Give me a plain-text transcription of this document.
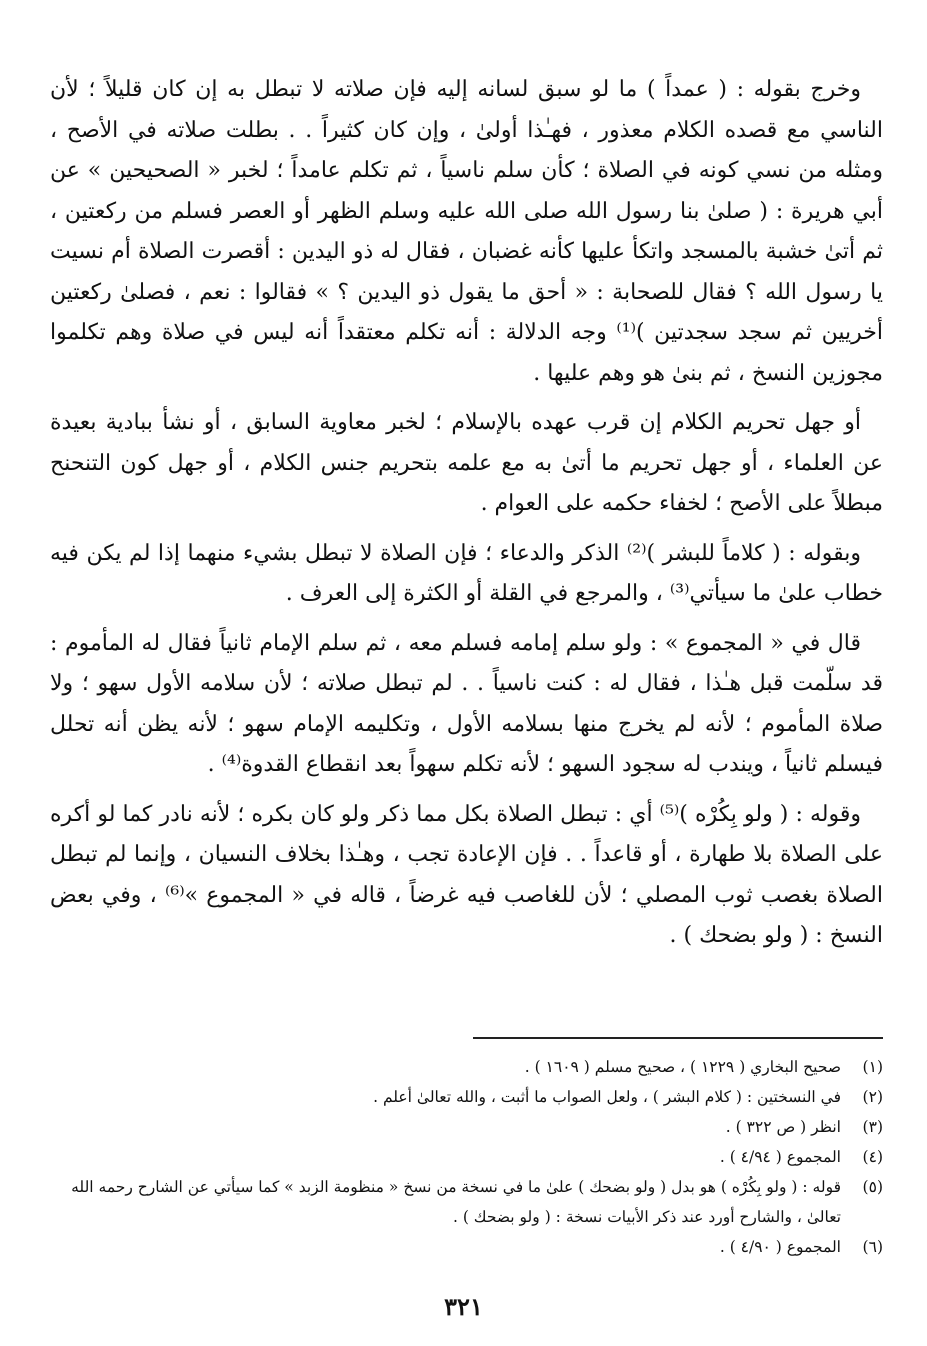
وخرج بقوله : ( عمداً ) ما لو سبق لسانه إليه فإن صلاته لا تبطل به إن كان قليلاً ؛ لأن الناسي مع قصده الكلام معذور ، فهـٰذا أولىٰ ، وإن كان كثيراً . . بطلت صلاته في الأصح ، ومثله من نسي كونه في الصلاة ؛ كأن سلم ناسياً ، ثم تكلم عامداً ؛ لخبر « الصحيحين » عن أبي هريرة : ( صلىٰ بنا رسول الله صلى الله عليه وسلم الظهر أو العصر فسلم من ركعتين ، ثم أتىٰ خشبة بالمسجد واتكأ عليها كأنه غضبان ، فقال له ذو اليدين : أقصرت الصلاة أم نسيت يا رسول الله ؟ فقال للصحابة : « أحق ما يقول ذو اليدين ؟ » فقالوا : نعم ، فصلىٰ ركعتين أخريين ثم سجد سجدتين )⁽¹⁾ وجه الدلالة : أنه تكلم معتقداً أنه ليس في صلاة وهم تكلموا مجوزين النسخ ، ثم بنىٰ هو وهم عليها .

أو جهل تحريم الكلام إن قرب عهده بالإسلام ؛ لخبر معاوية السابق ، أو نشأ ببادية بعيدة عن العلماء ، أو جهل تحريم ما أتىٰ به مع علمه بتحريم جنس الكلام ، أو جهل كون التنحنح مبطلاً على الأصح ؛ لخفاء حكمه على العوام .

وبقوله : ( كلاماً للبشر )⁽²⁾ الذكر والدعاء ؛ فإن الصلاة لا تبطل بشيء منهما إذا لم يكن فيه خطاب علىٰ ما سيأتي⁽³⁾ ، والمرجع في القلة أو الكثرة إلى العرف .

قال في « المجموع » : ولو سلم إمامه فسلم معه ، ثم سلم الإمام ثانياً فقال له المأموم : قد سلّمت قبل هـٰذا ، فقال له : كنت ناسياً . . لم تبطل صلاته ؛ لأن سلامه الأول سهو ؛ ولا صلاة المأموم ؛ لأنه لم يخرج منها بسلامه الأول ، وتكليمه الإمام سهو ؛ لأنه يظن أنه تحلل فيسلم ثانياً ، ويندب له سجود السهو ؛ لأنه تكلم سهواً بعد انقطاع القدوة⁽⁴⁾ .

وقوله : ( ولو بِكُرْه )⁽⁵⁾ أي : تبطل الصلاة بكل مما ذكر ولو كان بكره ؛ لأنه نادر كما لو أكره على الصلاة بلا طهارة ، أو قاعداً . . فإن الإعادة تجب ، وهـٰذا بخلاف النسيان ، وإنما لم تبطل الصلاة بغصب ثوب المصلي ؛ لأن للغاصب فيه غرضاً ، قاله في « المجموع »⁽⁶⁾ ، وفي بعض النسخ : ( ولو بضحك ) .

(١)
صحيح البخاري ( ١٢٢٩ ) ، صحيح مسلم ( ١٦٠٩ ) .
(٢)
في النسختين : ( كلام البشر ) ، ولعل الصواب ما أثبت ، والله تعالىٰ أعلم .
(٣)
انظر ( ص ٣٢٢ ) .
(٤)
المجموع ( ٤/٩٤ ) .
(٥)
قوله : ( ولو بِكُرْه ) هو بدل ( ولو بضحك ) علىٰ ما في نسخة من نسخ « منظومة الزبد » كما سيأتي عن الشارح رحمه الله تعالىٰ ، والشارح أورد عند ذكر الأبيات نسخة : ( ولو بضحك ) .
(٦)
المجموع ( ٤/٩٠ ) .
٣٢١
